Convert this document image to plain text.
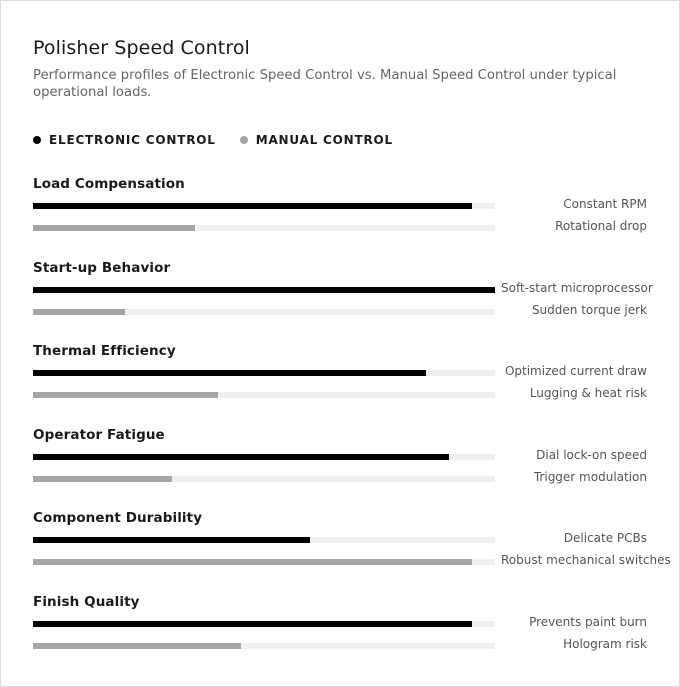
Polisher Speed Control
Performance profiles of Electronic Speed Control vs. Manual Speed Control under typical operational loads.
ELECTRONIC CONTROL	MANUAL CONTROL
Load Compensation
Constant RPM
Rotational drop
Start-up Behavior
Soft-start microprocessor
Sudden torque jerk
Thermal Efficiency
Optimized current draw
Lugging & heat risk
Operator Fatigue
Dial lock-on speed
Trigger modulation
Component Durability
Delicate PCBs
Robust mechanical switches
Finish Quality
Prevents paint burn
Hologram risk
